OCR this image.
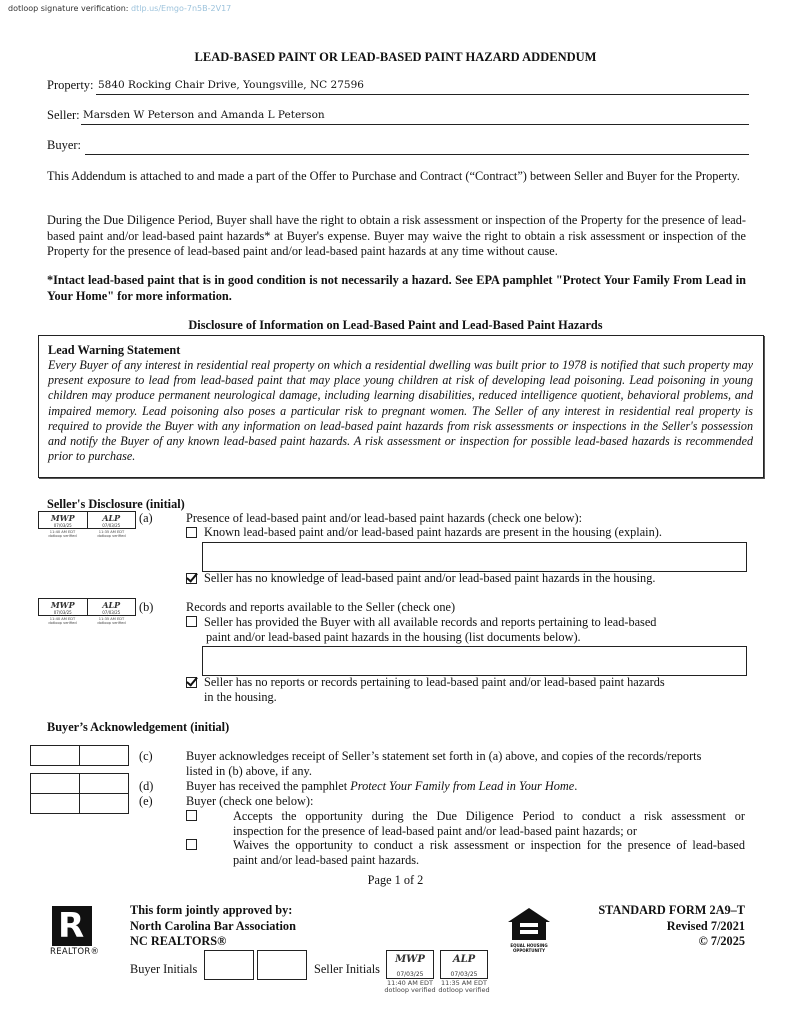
dotloop signature verification: dtlp.us/Emgo-7n5B-2V17
LEAD-BASED PAINT OR LEAD-BASED PAINT HAZARD ADDENDUM
Property: 5840 Rocking Chair Drive, Youngsville, NC 27596
Seller: Marsden W Peterson and Amanda L Peterson
Buyer:
This Addendum is attached to and made a part of the Offer to Purchase and Contract (“Contract”) between Seller and Buyer for the Property.
During the Due Diligence Period, Buyer shall have the right to obtain a risk assessment or inspection of the Property for the presence of lead-based paint and/or lead-based paint hazards* at Buyer's expense. Buyer may waive the right to obtain a risk assessment or inspection of the Property for the presence of lead-based paint and/or lead-based paint hazards at any time without cause.
*Intact lead-based paint that is in good condition is not necessarily a hazard. See EPA pamphlet "Protect Your Family From Lead in Your Home" for more information.
Disclosure of Information on Lead-Based Paint and Lead-Based Paint Hazards
Lead Warning Statement
Every Buyer of any interest in residential real property on which a residential dwelling was built prior to 1978 is notified that such property may present exposure to lead from lead-based paint that may place young children at risk of developing lead poisoning. Lead poisoning in young children may produce permanent neurological damage, including learning disabilities, reduced intelligence quotient, behavioral problems, and impaired memory. Lead poisoning also poses a particular risk to pregnant women. The Seller of any interest in residential real property is required to provide the Buyer with any information on lead-based paint hazards from risk assessments or inspections in the Seller's possession and notify the Buyer of any known lead-based paint hazards. A risk assessment or inspection for possible lead-based hazards is recommended prior to purchase.
Seller's Disclosure (initial)
MWP
07/03/25
ALP
07/03/25
11:40 AM EDT
dotloop verified
11:35 AM EDT
dotloop verified
(a)	Presence of lead-based paint and/or lead-based paint hazards (check one below):
Known lead-based paint and/or lead-based paint hazards are present in the housing (explain).
Seller has no knowledge of lead-based paint and/or lead-based paint hazards in the housing.
MWP
07/03/25
ALP
07/03/25
11:40 AM EDT
dotloop verified
11:35 AM EDT
dotloop verified
(b)	Records and reports available to the Seller (check one)
Seller has provided the Buyer with all available records and reports pertaining to lead-based
paint and/or lead-based paint hazards in the housing (list documents below).
Seller has no reports or records pertaining to lead-based paint and/or lead-based paint hazards
in the housing.
Buyer’s Acknowledgement (initial)
(c)	Buyer acknowledges receipt of Seller’s statement set forth in (a) above, and copies of the records/reports
listed in (b) above, if any.
(d)	Buyer has received the pamphlet Protect Your Family from Lead in Your Home.
(e)	Buyer (check one below):
Accepts the opportunity during the Due Diligence Period to conduct a risk assessment or
inspection for the presence of lead-based paint and/or lead-based paint hazards; or
Waives the opportunity to conduct a risk assessment or inspection for the presence of lead-based
paint and/or lead-based paint hazards.
Page 1 of 2
R
REALTOR®
This form jointly approved by:
North Carolina Bar Association
NC REALTORS®	EQUAL HOUSING
OPPORTUNITY
STANDARD FORM 2A9–T
Revised 7/2021
© 7/2025
Buyer Initials	Seller Initials
MWP
07/03/25
ALP
07/03/25
11:40 AM EDT
dotloop verified
11:35 AM EDT
dotloop verified
